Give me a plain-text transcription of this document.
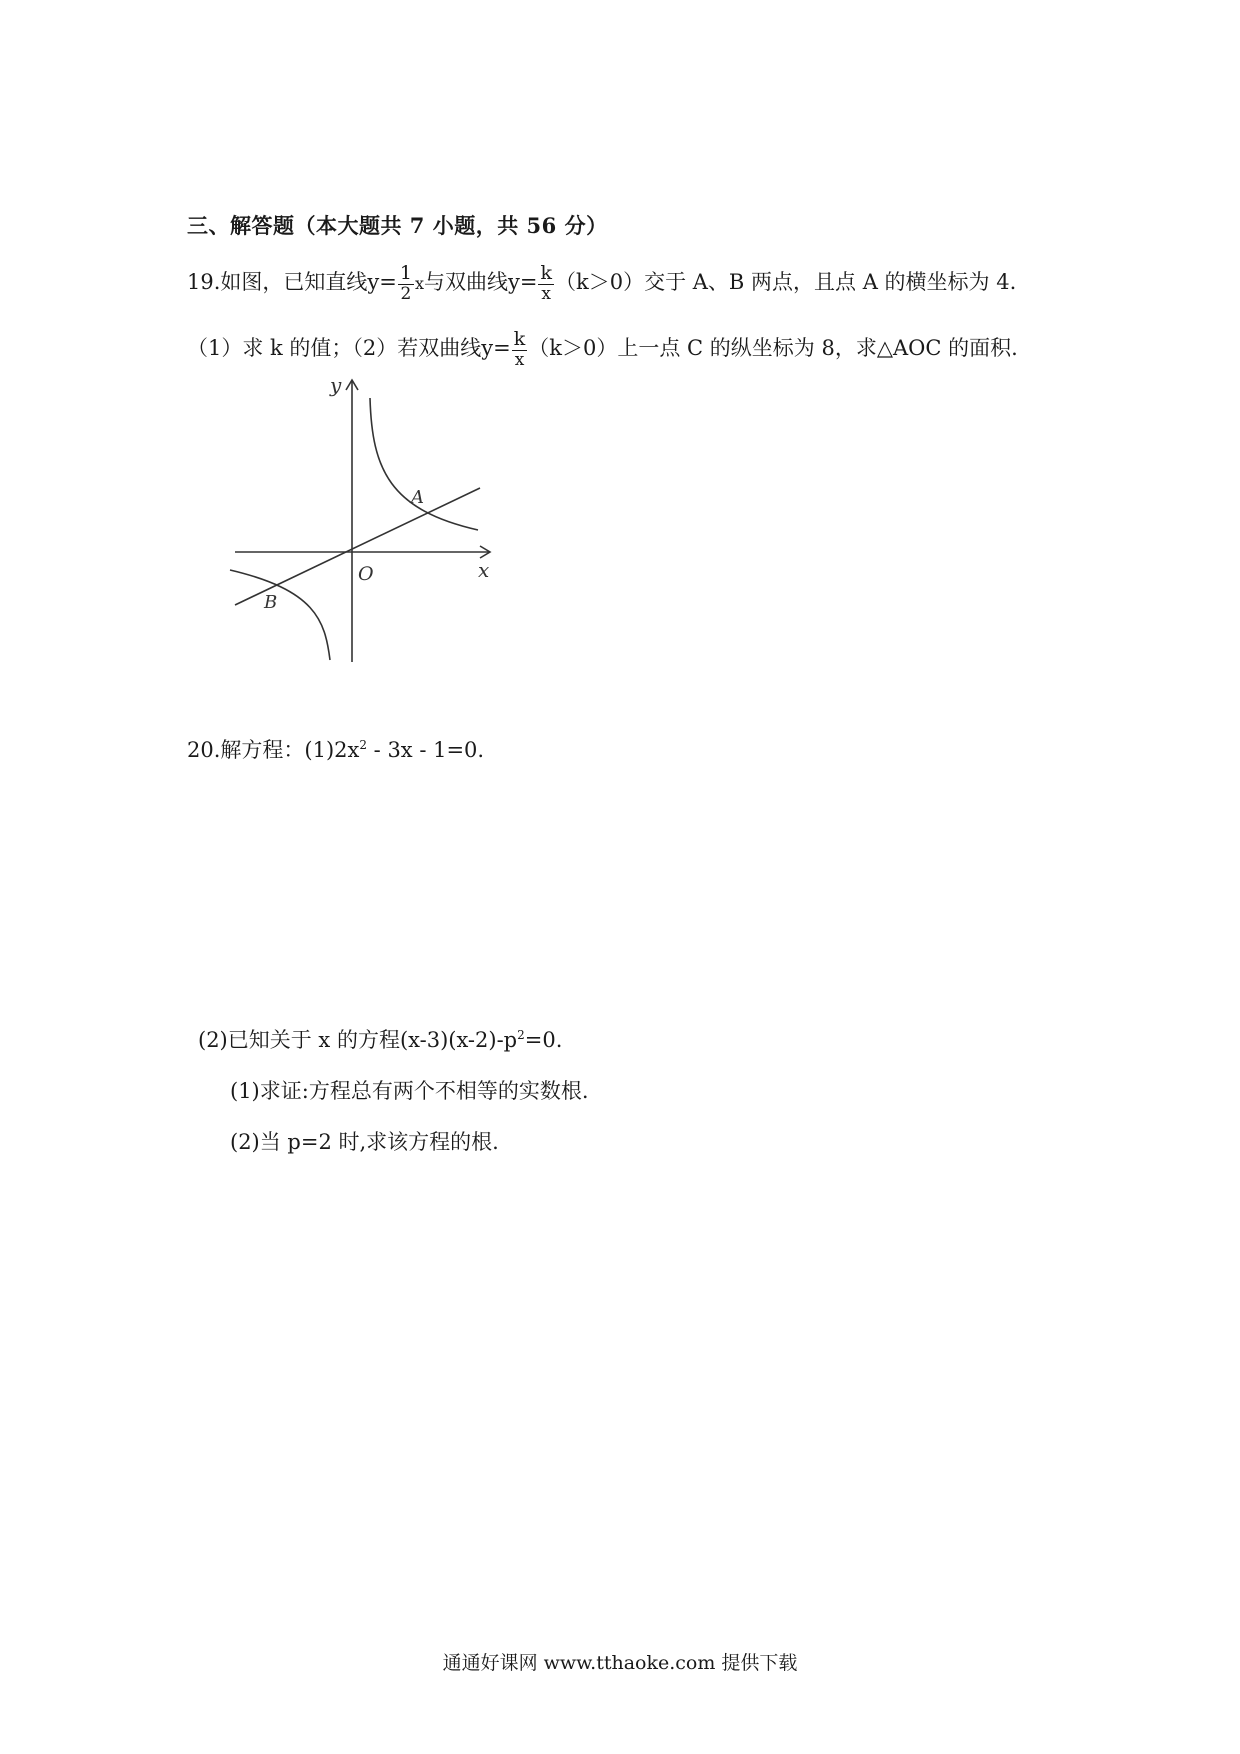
三、解答题（本大题共 7 小题，共 56 分）
19.如图，已知直线$y= \frac{1}{2}$ x与双曲线$y= \frac{k}{x} (k>0)$交于 A、B 两点，且点 A 的横坐标为 4.
（1）求 k 的值；（2）若双曲线$y= \frac{k}{x} (k>0)$上一点 C 的纵坐标为 8，求△AOC 的面积.
y
x
O
A
B
20.解方程：$(1)2x^2 - 3x - 1=0$.
(2)已知关于 x 的方程$(x-3)(x-2)-p^2=0$.
(1)求证:方程总有两个不相等的实数根.
(2)当 p=2 时,求该方程的根.
通通好课网 www.tthaoke.com 提供下载
